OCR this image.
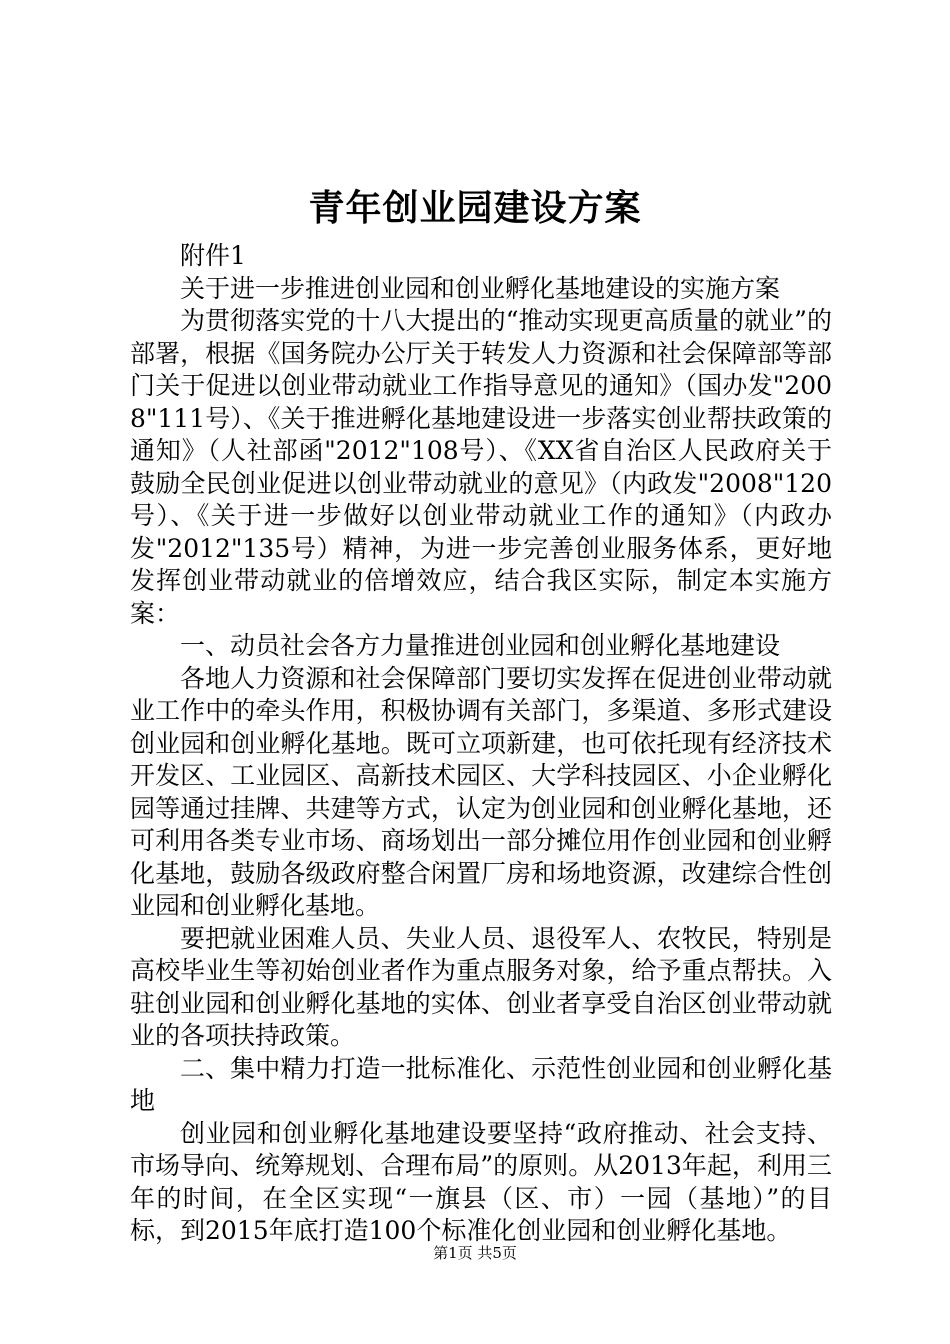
青年创业园建设方案

附件1

关于进一步推进创业园和创业孵化基地建设的实施方案

为贯彻落实党的十八大提出的“推动实现更高质量的就业”的部署，根据《国务院办公厅关于转发人力资源和社会保障部等部门关于促进以创业带动就业工作指导意见的通知》（国办发"2008"111号）、《关于推进孵化基地建设进一步落实创业帮扶政策的通知》（人社部函"2012"108号）、《XX省自治区人民政府关于鼓励全民创业促进以创业带动就业的意见》（内政发"2008"120号）、《关于进一步做好以创业带动就业工作的通知》（内政办发"2012"135号）精神，为进一步完善创业服务体系，更好地发挥创业带动就业的倍增效应，结合我区实际，制定本实施方案：

一、动员社会各方力量推进创业园和创业孵化基地建设

各地人力资源和社会保障部门要切实发挥在促进创业带动就业工作中的牵头作用，积极协调有关部门，多渠道、多形式建设创业园和创业孵化基地。既可立项新建，也可依托现有经济技术开发区、工业园区、高新技术园区、大学科技园区、小企业孵化园等通过挂牌、共建等方式，认定为创业园和创业孵化基地，还可利用各类专业市场、商场划出一部分摊位用作创业园和创业孵化基地，鼓励各级政府整合闲置厂房和场地资源，改建综合性创业园和创业孵化基地。

要把就业困难人员、失业人员、退役军人、农牧民，特别是高校毕业生等初始创业者作为重点服务对象，给予重点帮扶。入驻创业园和创业孵化基地的实体、创业者享受自治区创业带动就业的各项扶持政策。

二、集中精力打造一批标准化、示范性创业园和创业孵化基地

创业园和创业孵化基地建设要坚持“政府推动、社会支持、市场导向、统筹规划、合理布局”的原则。从2013年起，利用三年的时间，在全区实现“一旗县（区、市）一园（基地）”的目标，到2015年底打造100个标准化创业园和创业孵化基地。

第1页 共5页
